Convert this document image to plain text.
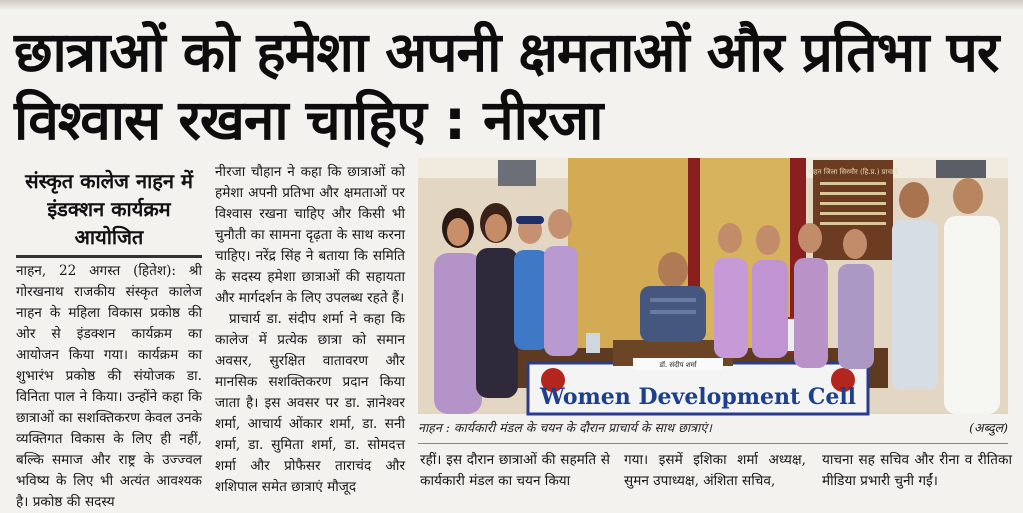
छात्राओं को हमेशा अपनी क्षमताओं और प्रतिभा पर विश्वास रखना चाहिए : नीरजा
संस्कृत कालेज नाहन में इंडक्शन कार्यक्रम आयोजित
नाहन, 22 अगस्त (हितेश): श्री गोरखनाथ राजकीय संस्कृत कालेज नाहन के महिला विकास प्रकोष्ठ की ओर से इंडक्शन कार्यक्रम का आयोजन किया गया। कार्यक्रम का शुभारंभ प्रकोष्ठ की संयोजक डा. विनिता पाल ने किया। उन्होंने कहा कि छात्राओं का सशक्तिकरण केवल उनके व्यक्तिगत विकास के लिए ही नहीं, बल्कि समाज और राष्ट्र के उज्ज्वल भविष्य के लिए भी अत्यंत आवश्यक है। प्रकोष्ठ की सदस्य

नीरजा चौहान ने कहा कि छात्राओं को हमेशा अपनी प्रतिभा और क्षमताओं पर विश्वास रखना चाहिए और किसी भी चुनौती का सामना दृढ़ता के साथ करना चाहिए। नरेंद्र सिंह ने बताया कि समिति के सदस्य हमेशा छात्राओं की सहायता और मार्गदर्शन के लिए उपलब्ध रहते हैं।

प्राचार्य डा. संदीप शर्मा ने कहा कि कालेज में प्रत्येक छात्रा को समान अवसर, सुरक्षित वातावरण और मानसिक सशक्तिकरण प्रदान किया जाता है। इस अवसर पर डा. ज्ञानेश्वर शर्मा, आचार्य ओंकार शर्मा, डा. सनी शर्मा, डा. सुमिता शर्मा, डा. सोमदत्त शर्मा और प्रोफैसर ताराचंद और शशिपाल समेत छात्राएं मौजूद

नाहन जिला सिरमौर (हि.प्र.) प्राचार्य
Women Development Cell
डॉ. संदीप शर्मा
नाहन : कार्यकारी मंडल के चयन के दौरान प्राचार्य के साथ छात्राएं।	(अब्दुल)
रहीं। इस दौरान छात्राओं की सहमति से कार्यकारी मंडल का चयन किया
गया। इसमें इशिका शर्मा अध्यक्ष, सुमन उपाध्यक्ष, अंशिता सचिव,
याचना सह सचिव और रीना व रीतिका मीडिया प्रभारी चुनी गईं।
